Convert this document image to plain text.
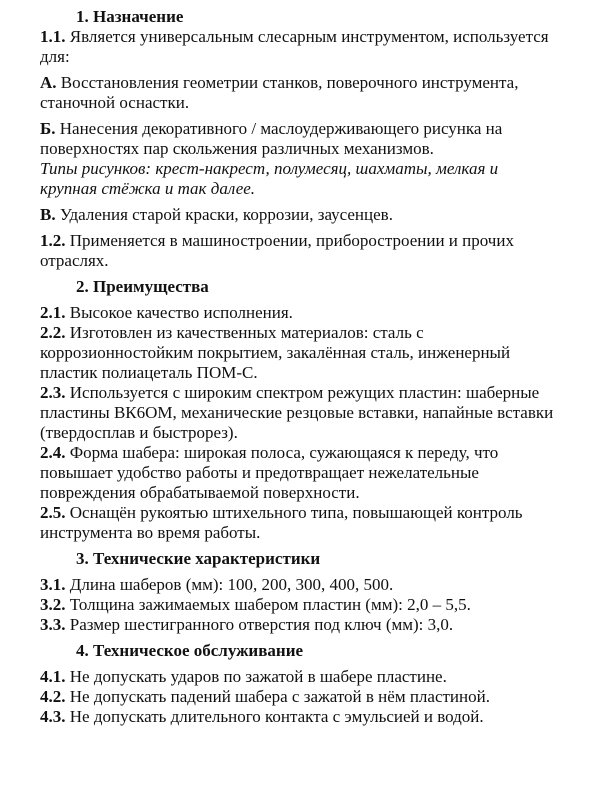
1. Назначение

1.1. Является универсальным слесарным инструментом, используется для:

А. Восстановления геометрии станков, поверочного инструмента, станочной оснастки.

Б. Нанесения декоративного / маслоудерживающего рисунка на поверхностях пар скольжения различных механизмов.

Типы рисунков: крест-накрест, полумесяц, шахматы, мелкая и крупная стёжка и так далее.

В. Удаления старой краски, коррозии, заусенцев.

1.2. Применяется в машиностроении, приборостроении и прочих отраслях.

2. Преимущества

2.1. Высокое качество исполнения.

2.2. Изготовлен из качественных материалов: сталь с коррозионностойким покрытием, закалённая сталь, инженерный пластик полиацеталь ПОМ-С.

2.3. Используется с широким спектром режущих пластин: шаберные пластины ВК6ОМ, механические резцовые вставки, напайные вставки (твердосплав и быстрорез).

2.4. Форма шабера: широкая полоса, сужающаяся к переду, что повышает удобство работы и предотвращает нежелательные повреждения обрабатываемой поверхности.

2.5. Оснащён рукоятью штихельного типа, повышающей контроль инструмента во время работы.

3. Технические характеристики

3.1. Длина шаберов (мм): 100, 200, 300, 400, 500.

3.2. Толщина зажимаемых шабером пластин (мм): 2,0 – 5,5.

3.3. Размер шестигранного отверстия под ключ (мм): 3,0.

4. Техническое обслуживание

4.1. Не допускать ударов по зажатой в шабере пластине.

4.2. Не допускать падений шабера с зажатой в нём пластиной.

4.3. Не допускать длительного контакта с эмульсией и водой.
